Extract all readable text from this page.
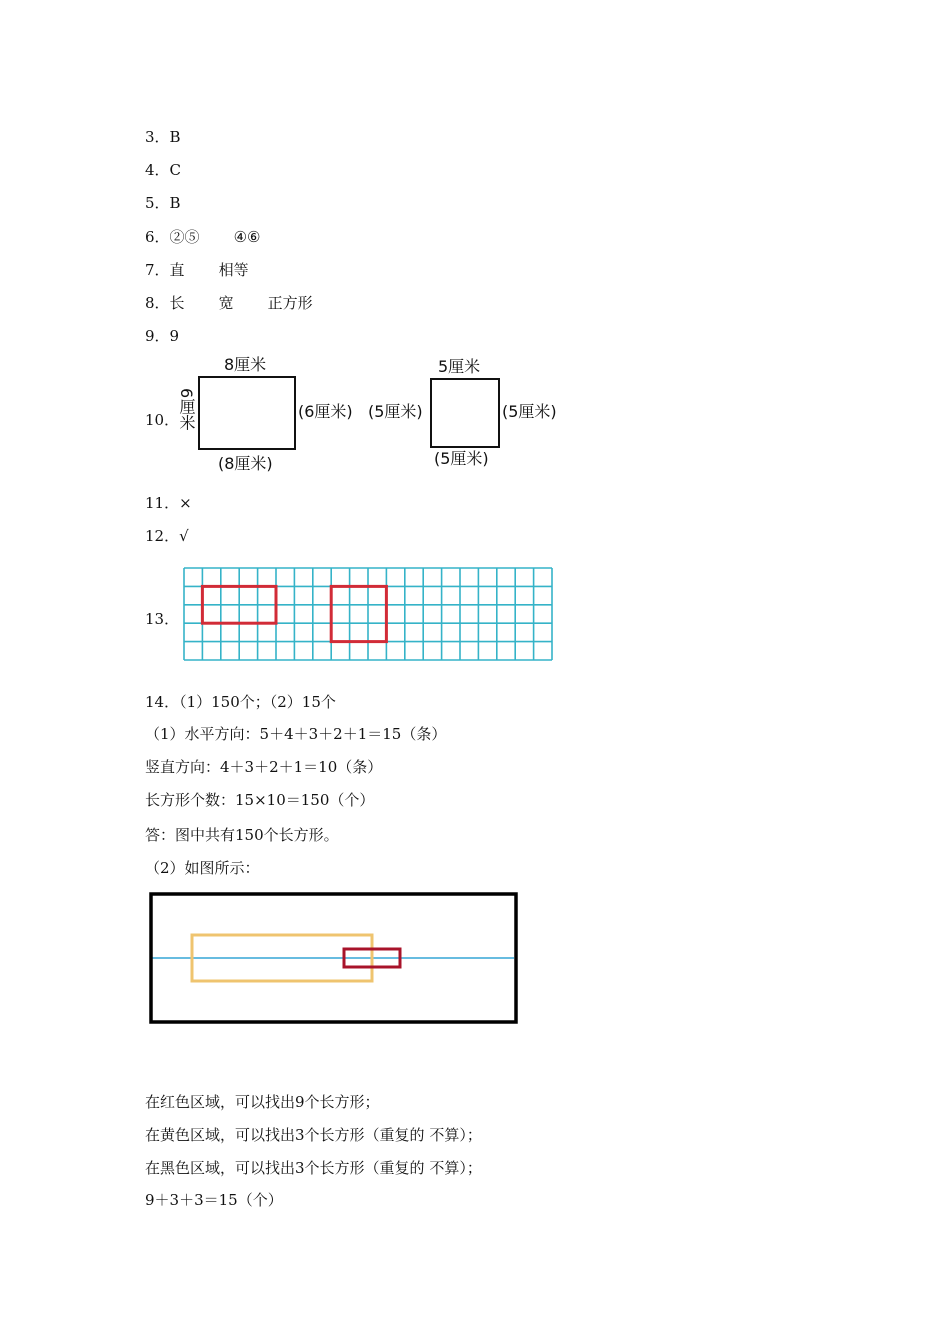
3．B
4．C
5．B
6．②⑤ ④⑥
7．直 相等
8．长 宽 正方形
9．9
10．
8厘米
6厘米	(6厘米)
(8厘米)
5厘米
(5厘米)	(5厘米)
(5厘米)
11．×
12．√
13．
14．（1）150个；（2）15个
（1）水平方向：5＋4＋3＋2＋1＝15（条）
竖直方向：4＋3＋2＋1＝10（条）
长方形个数：15×10＝150（个）
答：图中共有150个长方形。
（2）如图所示：
在红色区域，可以找出9个长方形；
在黄色区域，可以找出3个长方形（重复的 不算）；
在黑色区域，可以找出3个长方形（重复的 不算）；
9＋3＋3＝15（个）
